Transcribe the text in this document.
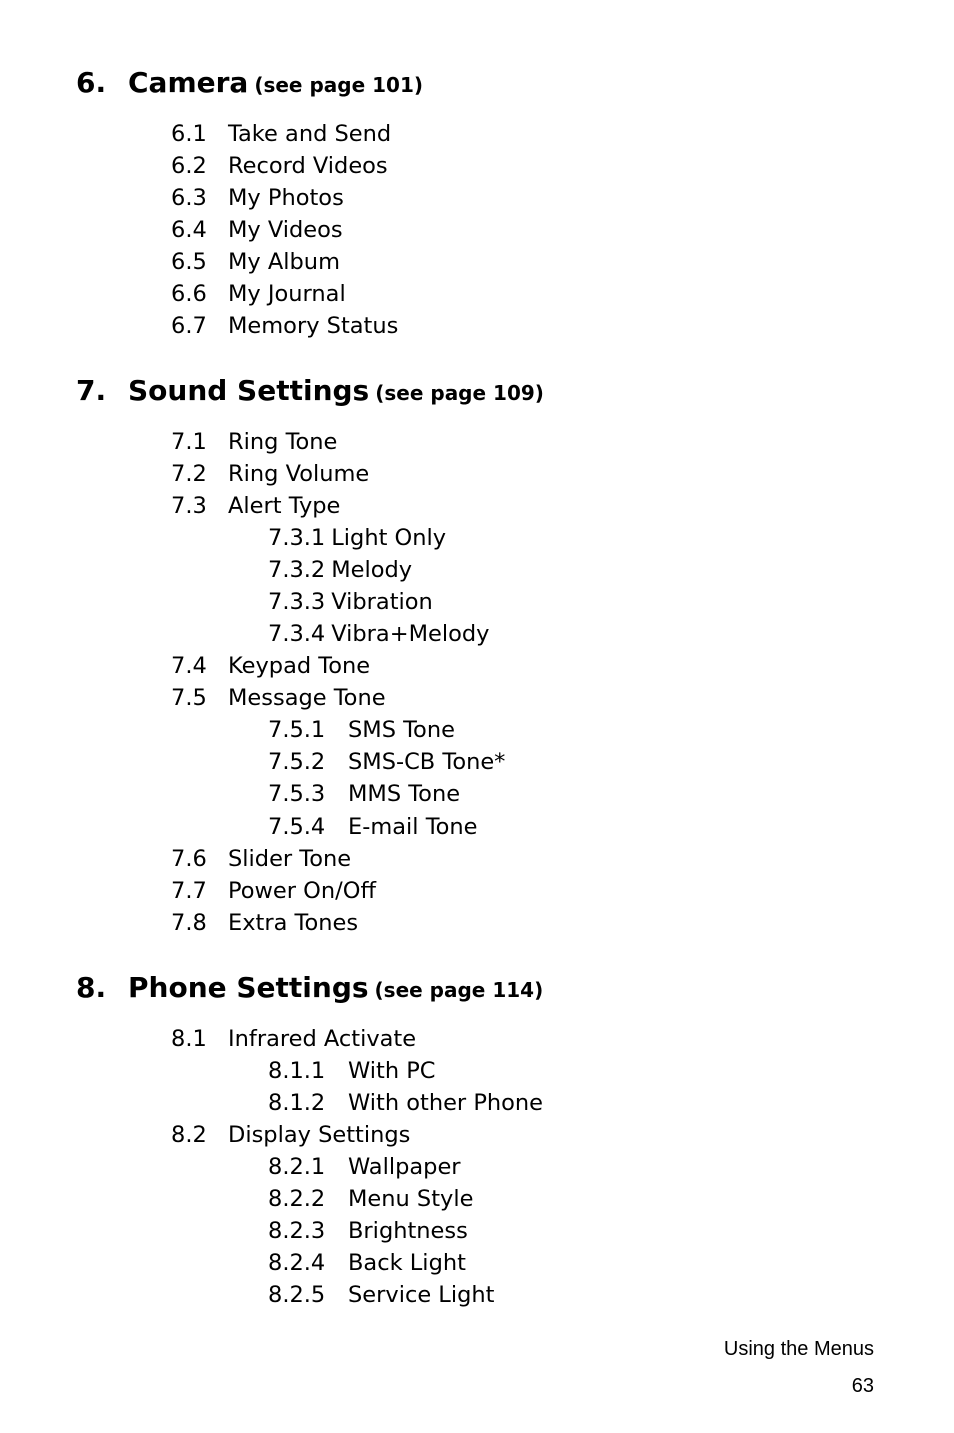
6. Camera (see page 101)
6.1 Take and Send
6.2 Record Videos
6.3 My Photos
6.4 My Videos
6.5 My Album
6.6 My Journal
6.7 Memory Status
7. Sound Settings (see page 109)
7.1 Ring Tone
7.2 Ring Volume
7.3 Alert Type
7.3.1 Light Only
7.3.2 Melody
7.3.3 Vibration
7.3.4 Vibra+Melody
7.4 Keypad Tone
7.5 Message Tone
7.5.1 SMS Tone
7.5.2 SMS-CB Tone*
7.5.3 MMS Tone
7.5.4 E-mail Tone
7.6 Slider Tone
7.7 Power On/Off
7.8 Extra Tones
8. Phone Settings (see page 114)
8.1 Infrared Activate
8.1.1 With PC
8.1.2 With other Phone
8.2 Display Settings
8.2.1 Wallpaper
8.2.2 Menu Style
8.2.3 Brightness
8.2.4 Back Light
8.2.5 Service Light
Using the Menus
63
